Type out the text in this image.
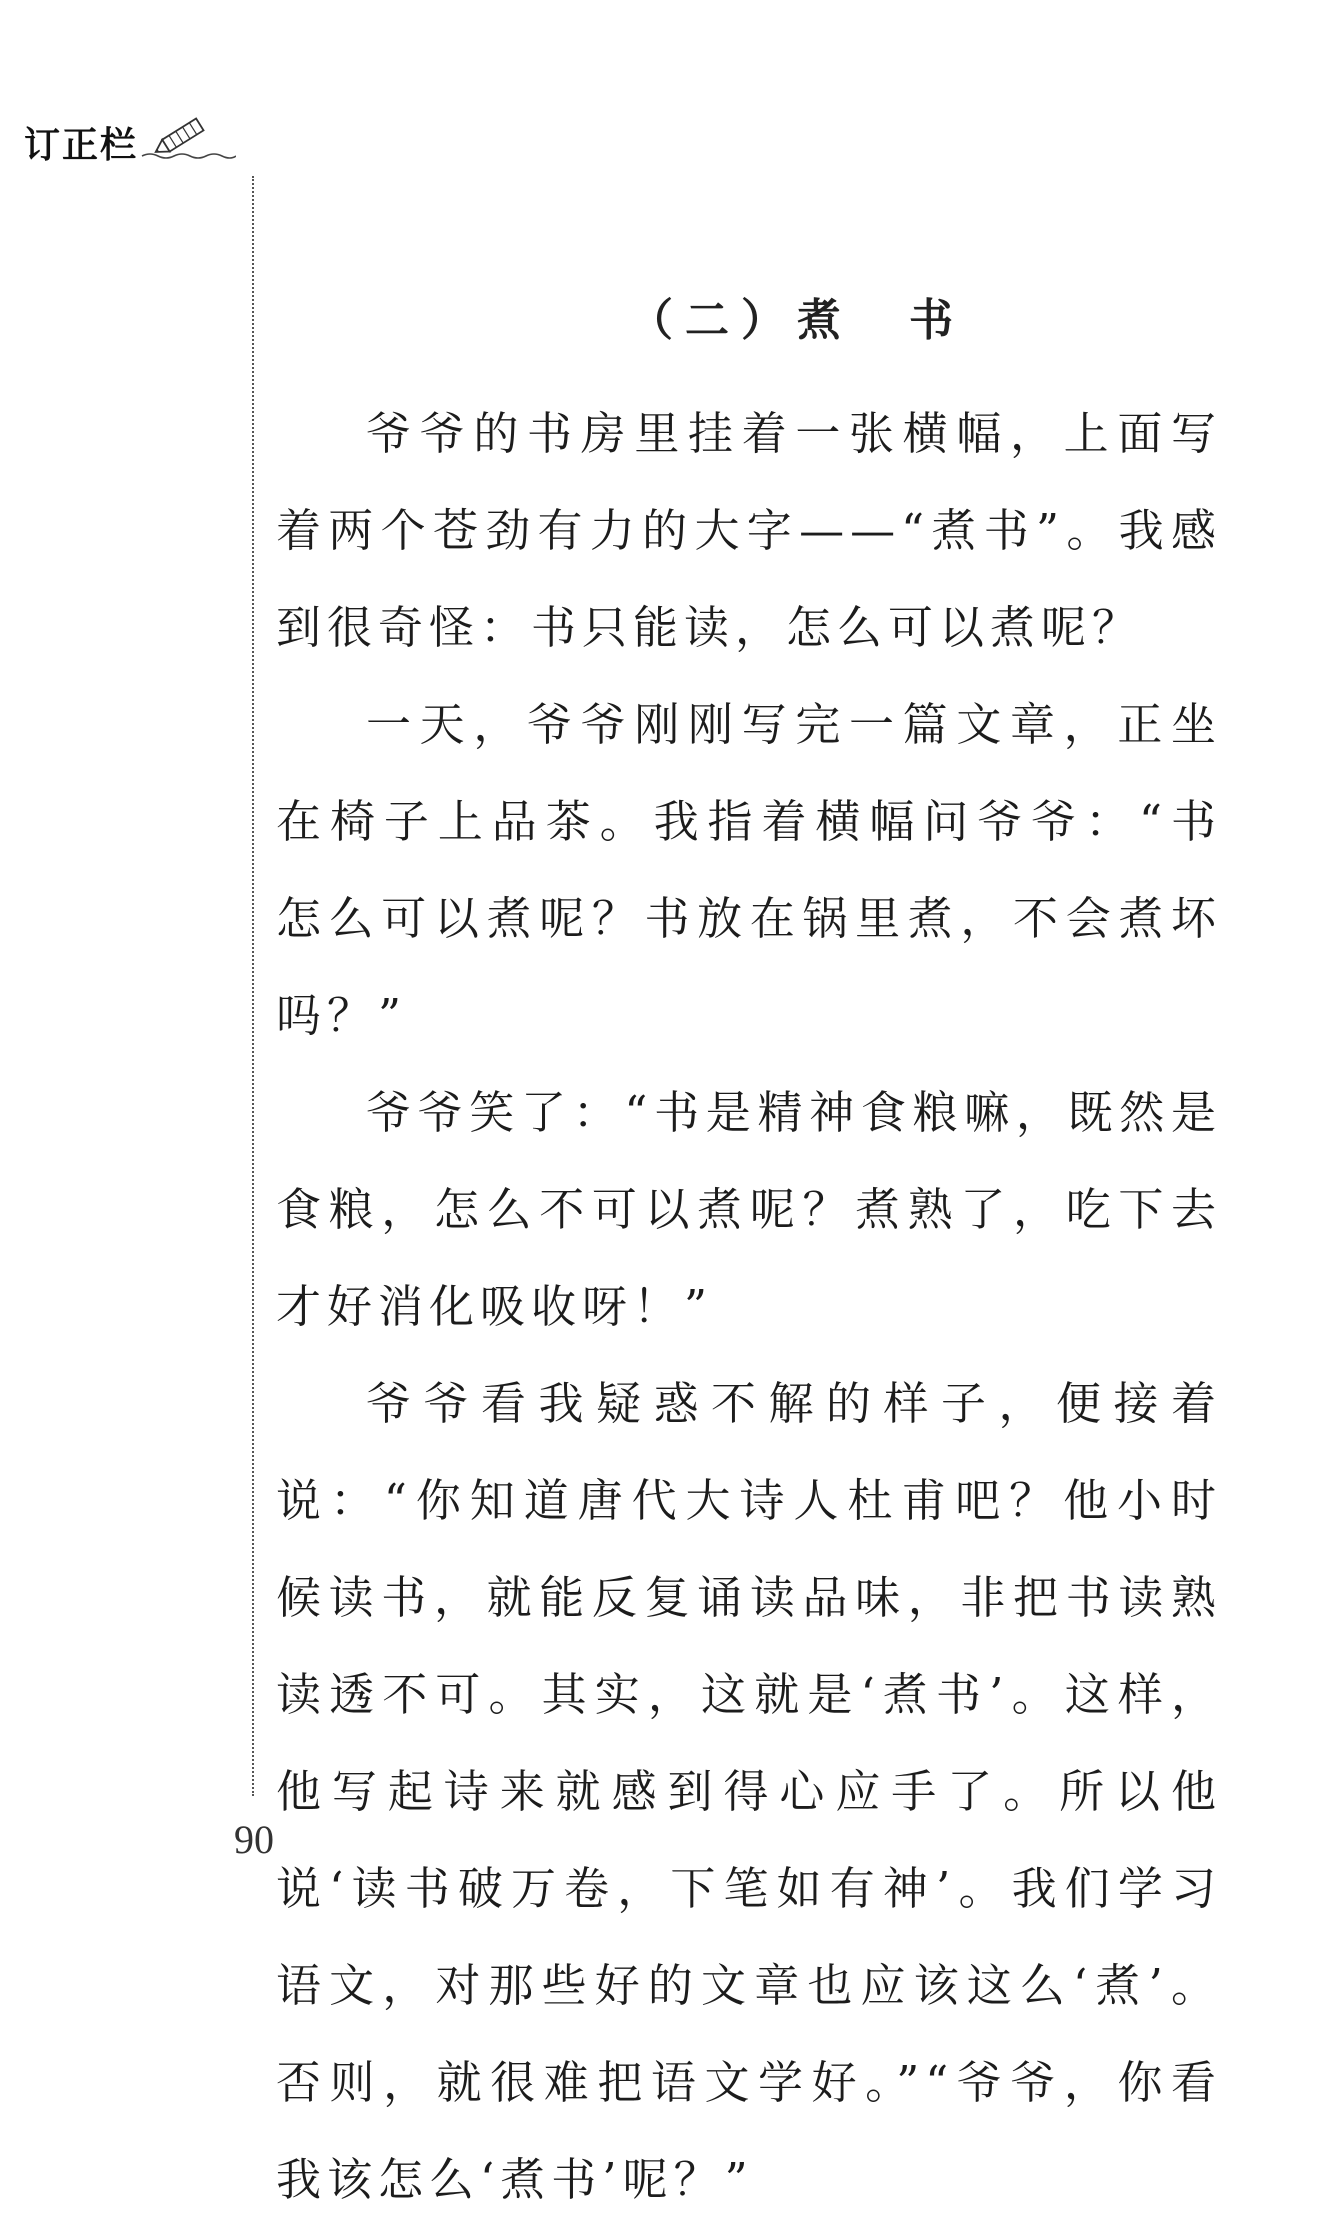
订正栏
（二）煮　书

爷爷的书房里挂着一张横幅，上面写着两个苍劲有力的大字——“煮书”。我感到很奇怪：书只能读，怎么可以煮呢？

一天，爷爷刚刚写完一篇文章，正坐在椅子上品茶。我指着横幅问爷爷：“书怎么可以煮呢？书放在锅里煮，不会煮坏吗？”

爷爷笑了：“书是精神食粮嘛，既然是食粮，怎么不可以煮呢？煮熟了，吃下去才好消化吸收呀！”

爷爷看我疑惑不解的样子，便接着说：“你知道唐代大诗人杜甫吧？他小时候读书，就能反复诵读品味，非把书读熟读透不可。其实，这就是‘煮书’。这样，他写起诗来就感到得心应手了。所以他说‘读书破万卷，下笔如有神’。我们学习语文，对那些好的文章也应该这么‘煮’。否则，就很难把语文学好。”“爷爷，你看我该怎么‘煮书’呢？”

90
